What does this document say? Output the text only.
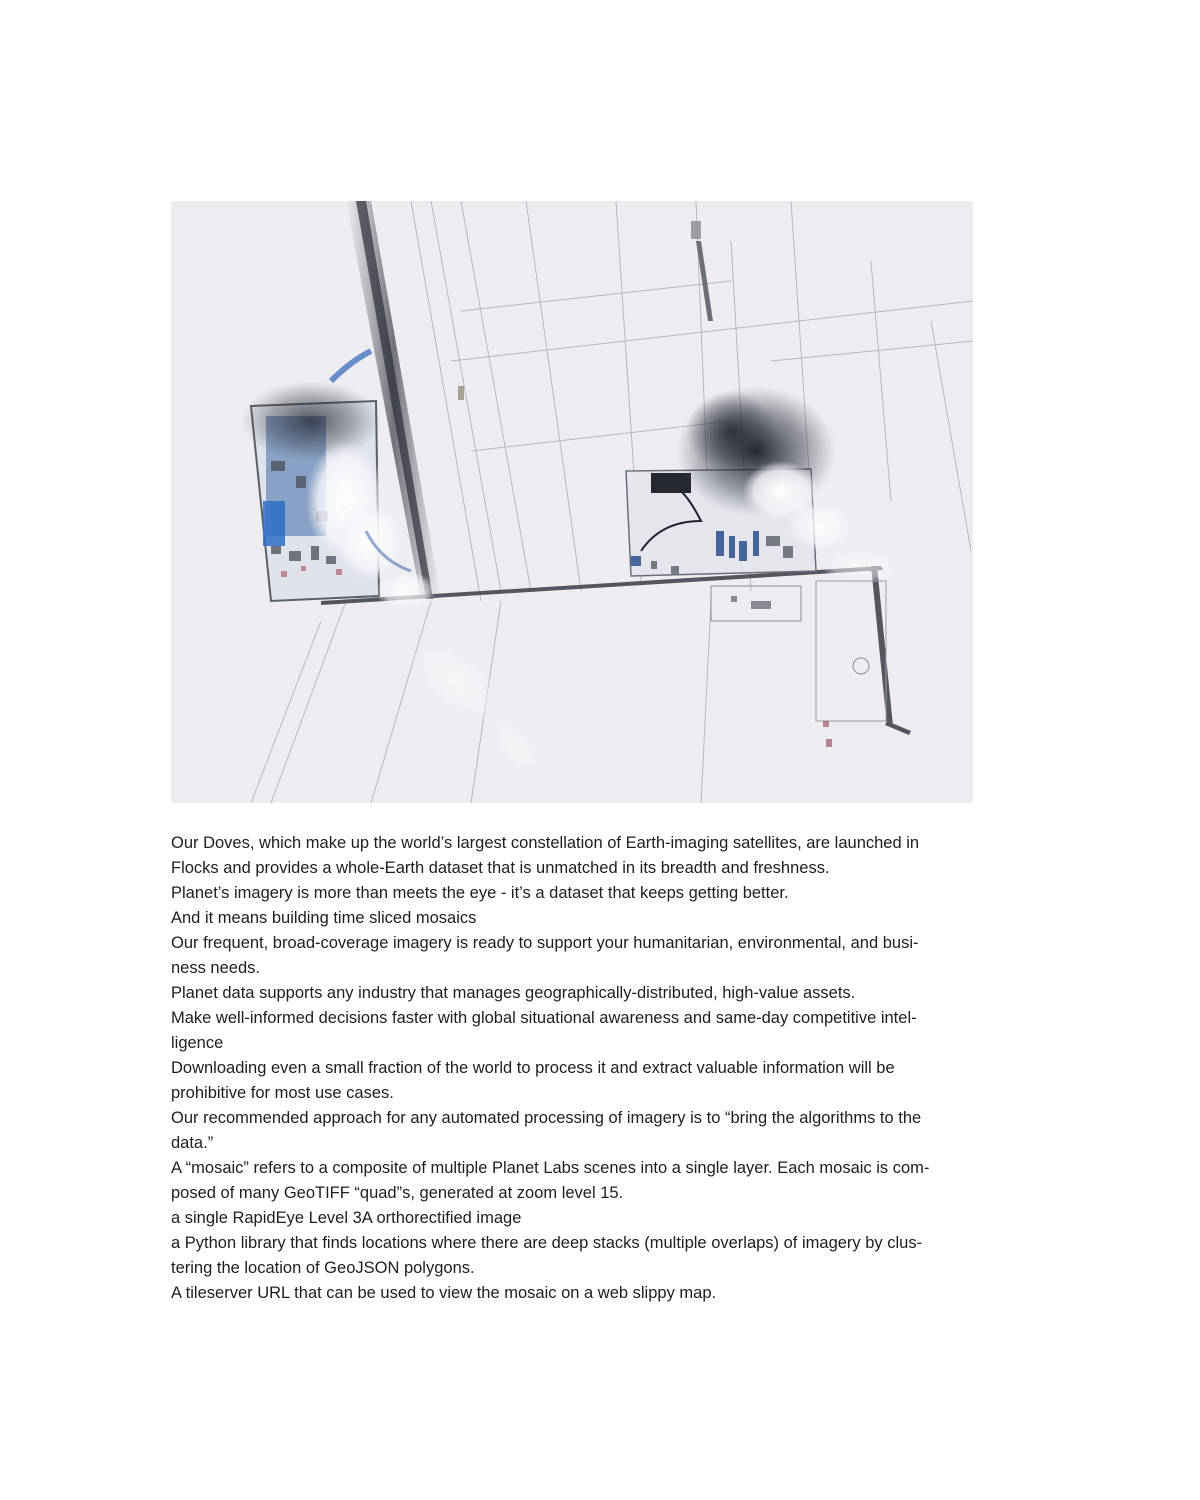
Our Doves, which make up the world’s largest constellation of Earth-imaging satellites, are launched in

Flocks and provides a whole-Earth dataset that is unmatched in its breadth and freshness.

Planet’s imagery is more than meets the eye - it’s a dataset that keeps getting better.

And it means building time sliced mosaics

Our frequent, broad-coverage imagery is ready to support your humanitarian, environmental, and busi-

ness needs.

Planet data supports any industry that manages geographically-distributed, high-value assets.

Make well-informed decisions faster with global situational awareness and same-day competitive intel-

ligence

Downloading even a small fraction of the world to process it and extract valuable information will be

prohibitive for most use cases.

Our recommended approach for any automated processing of imagery is to “bring the algorithms to the

data.”

A “mosaic” refers to a composite of multiple Planet Labs scenes into a single layer. Each mosaic is com-

posed of many GeoTIFF “quad”s, generated at zoom level 15.

a single RapidEye Level 3A orthorectified image

a Python library that finds locations where there are deep stacks (multiple overlaps) of imagery by clus-

tering the location of GeoJSON polygons.

A tileserver URL that can be used to view the mosaic on a web slippy map.
